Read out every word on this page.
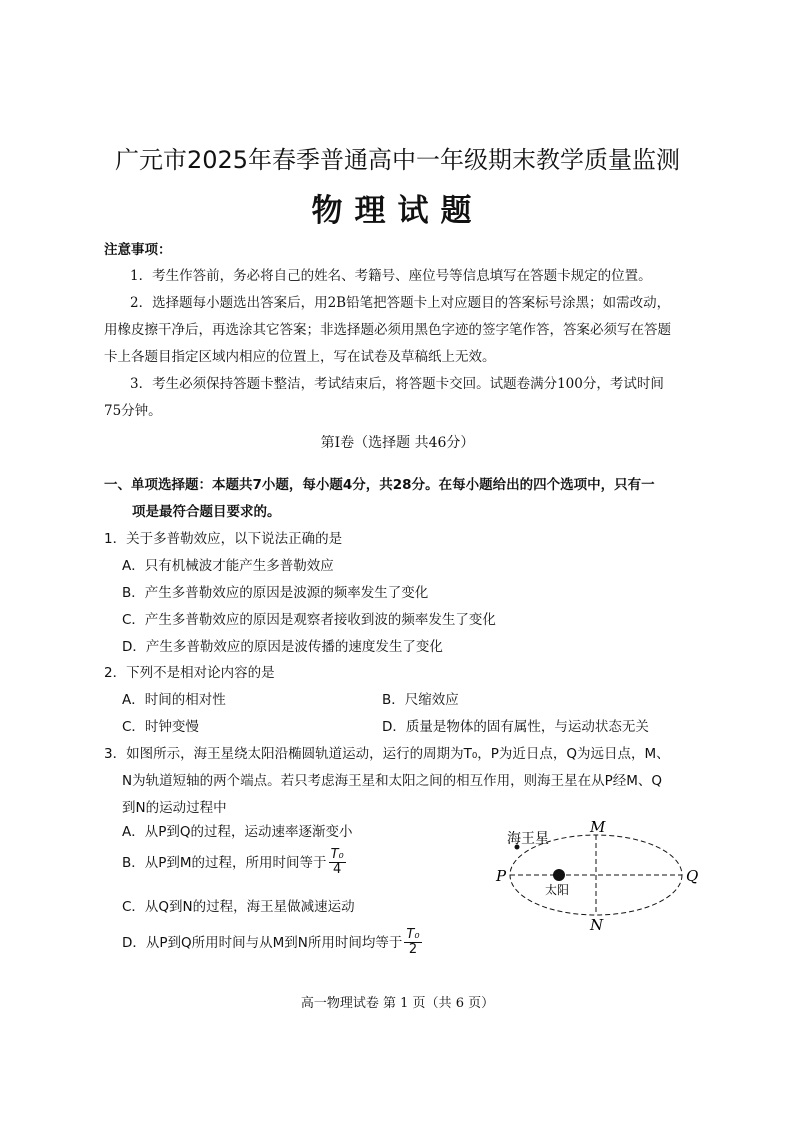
广元市2025年春季普通高中一年级期末教学质量监测
物理试题
注意事项：
1．考生作答前，务必将自己的姓名、考籍号、座位号等信息填写在答题卡规定的位置。
2．选择题每小题选出答案后，用2B铅笔把答题卡上对应题目的答案标号涂黑；如需改动，
用橡皮擦干净后，再选涂其它答案；非选择题必须用黑色字迹的签字笔作答，答案必须写在答题
卡上各题目指定区域内相应的位置上，写在试卷及草稿纸上无效。
3．考生必须保持答题卡整洁，考试结束后，将答题卡交回。试题卷满分100分，考试时间
75分钟。
第I卷（选择题 共46分）
一、单项选择题：本题共7小题，每小题4分，共28分。在每小题给出的四个选项中，只有一
项是最符合题目要求的。
1．关于多普勒效应，以下说法正确的是
A．只有机械波才能产生多普勒效应
B．产生多普勒效应的原因是波源的频率发生了变化
C．产生多普勒效应的原因是观察者接收到波的频率发生了变化
D．产生多普勒效应的原因是波传播的速度发生了变化
2．下列不是相对论内容的是
A．时间的相对性	B．尺缩效应
C．时钟变慢	D．质量是物体的固有属性，与运动状态无关
3．如图所示，海王星绕太阳沿椭圆轨道运动，运行的周期为T₀，P为近日点，Q为远日点，M、
N为轨道短轴的两个端点。若只考虑海王星和太阳之间的相互作用，则海王星在从P经M、Q
到N的运动过程中
A．从P到Q的过程，运动速率逐渐变小
B．从P到M的过程，所用时间等于 $\frac{\text{T₀}}{4}$
C．从Q到N的过程，海王星做减速运动
D．从P到Q所用时间与从M到N所用时间均等于 $\frac{\text{T₀}}{2}$
海王星
太阳
M
N
P	Q
高一物理试卷 第 1 页（共 6 页）
